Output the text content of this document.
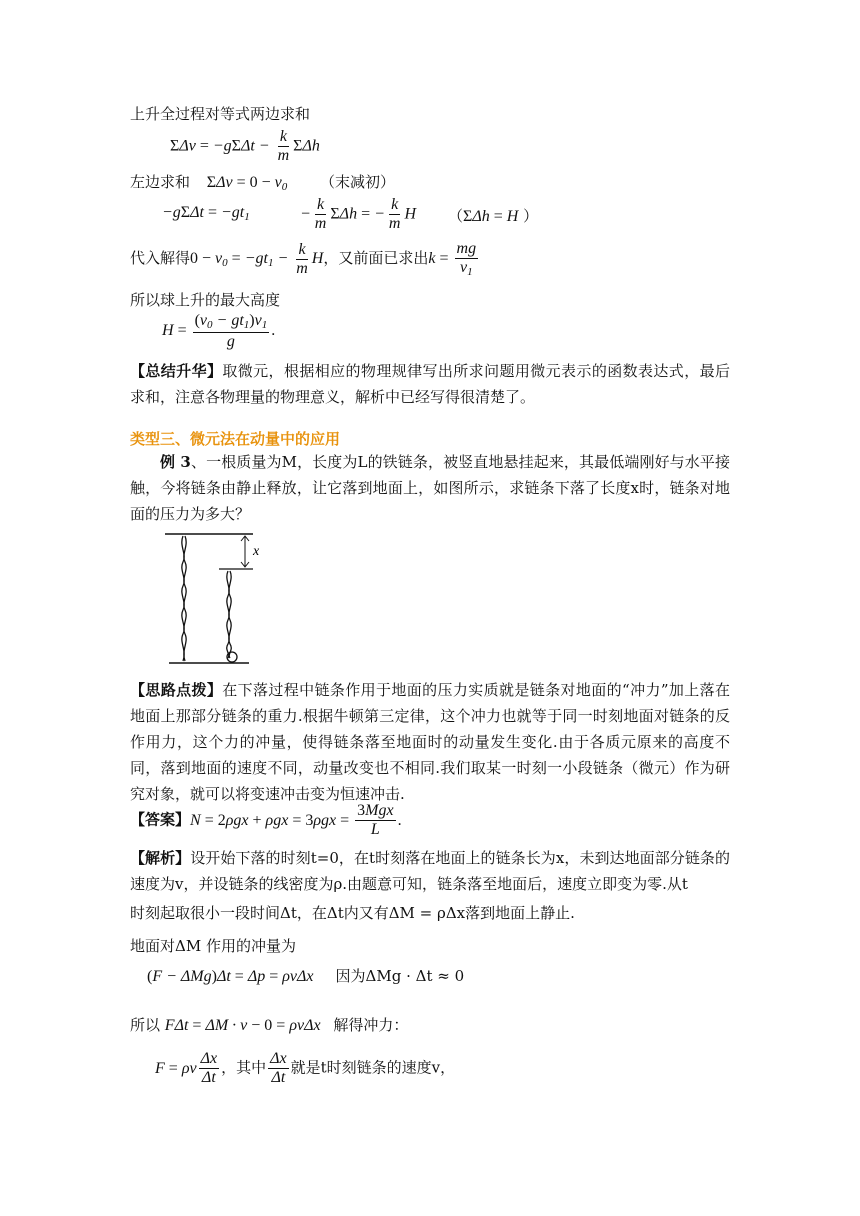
上升全过程对等式两边求和
$\Sigma\Delta v = -g\Sigma\Delta t - \frac{k}{m}$ ΣΔh
左边求和 $\Sigma\Delta v = 0 - v_0$ （末减初）
$-g\Sigma\Delta t = -gt_1$	− $\frac{k}{m}$ ΣΔh = − $\frac{k}{m}$ H （ΣΔh = H ）
代入解得$0 - v_0 = -gt_1 - \frac{k}{m}$ H，又前面已求出$k = \frac{mg}{v_1}$
所以球上升的最大高度
$H = \frac{(v_0 - gt_1)v_1}{g}$ .
【总结升华】取微元，根据相应的物理规律写出所求问题用微元表示的函数表达式，最后求和，注意各物理量的物理意义，解析中已经写得很清楚了。
类型三、微元法在动量中的应用
例 3、一根质量为M，长度为L的铁链条，被竖直地悬挂起来，其最低端刚好与水平接触，今将链条由静止释放，让它落到地面上，如图所示，求链条下落了长度x时，链条对地面的压力为多大？
x
【思路点拨】在下落过程中链条作用于地面的压力实质就是链条对地面的“冲力”加上落在地面上那部分链条的重力.根据牛顿第三定律，这个冲力也就等于同一时刻地面对链条的反作用力，这个力的冲量，使得链条落至地面时的动量发生变化.由于各质元原来的高度不同，落到地面的速度不同，动量改变也不相同.我们取某一时刻一小段链条（微元）作为研究对象，就可以将变速冲击变为恒速冲击.
【答案】$N = 2\rho gx + \rho gx = 3\rho gx = \frac{\text{3Mgx}}{L}$ .
【解析】设开始下落的时刻t=0，在t时刻落在地面上的链条长为x，未到达地面部分链条的速度为v，并设链条的线密度为ρ.由题意可知，链条落至地面后，速度立即变为零.从t
时刻起取很小一段时间Δt，在Δt内又有ΔM = ρΔx落到地面上静止.
地面对ΔM 作用的冲量为
(F − ΔMg)Δt = Δp = ρvΔx 因为ΔMg · Δt ≈ 0
所以 FΔt = ΔM · v − 0 = ρvΔx 解得冲力：
F = ρv $\frac{\Delta x}{\Delta t}$ ，其中 $\frac{\Delta x}{\Delta t}$ 就是t时刻链条的速度v，
